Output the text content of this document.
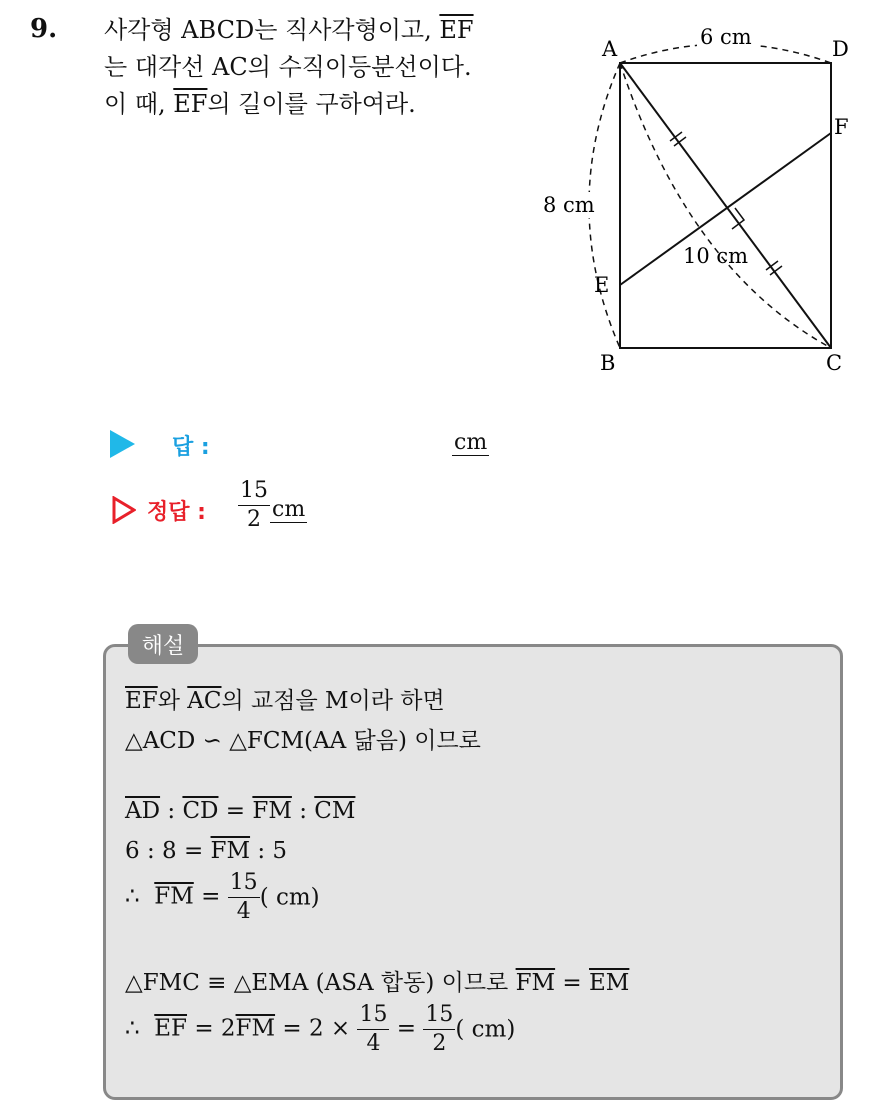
9. 사각형 ABCD는 직사각형이고, $\overline{EF}$
는 대각선 AC의 수직이등분선이다.
이 때, $\overline{EF}$의 길이를 구하여라.
A
B	C
D
E
F
6 cm
8 cm
10 cm
답 :	cm
정답 : $\frac{15}{2}$ cm
해설
$\overline{EF}$와 $\overline{AC}$의 교점을 M이라 하면
△ACD ∽ △FCM(AA 닮음) 이므로
$\overline{AD}$ : $\overline{CD} = \overline{FM}$ : $\overline{CM}$
6 : $8 = \overline{FM}$ : 5
∴ $\overline{FM} = \frac{15}{4}$ ( cm)
△FMC ≡ △EMA (ASA 합동) 이므로 $\overline{FM} = \overline{EM}$
∴ $\overline{EF} = 2\overline{FM} = 2 \times \frac{15}{4} = \frac{15}{2}$ ( cm)
